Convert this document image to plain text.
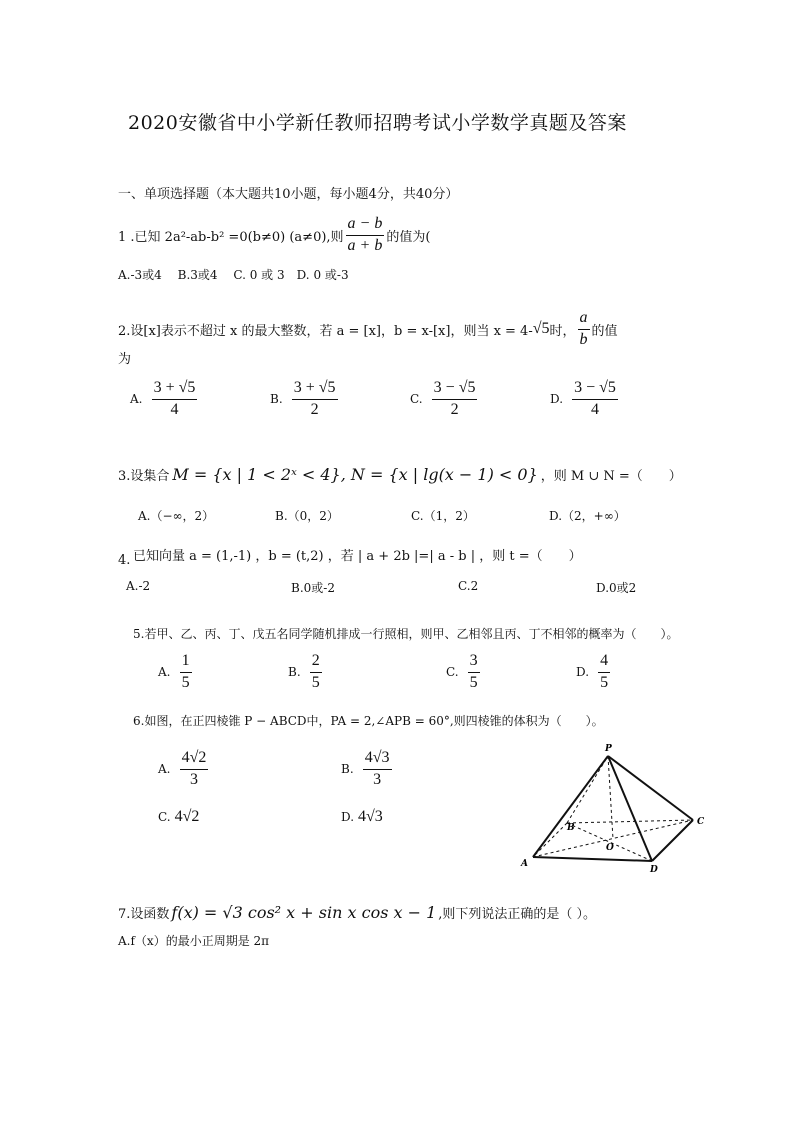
2020安徽省中小学新任教师招聘考试小学数学真题及答案
一、单项选择题（本大题共10小题，每小题4分，共40分）
1 .已知 2a²-ab-b² =0(b≠0) (a≠0),则 $\frac{a - b}{a + b}$ 的值为(
A.-3或4　 B.3或4　 C. 0 或 3　D. 0 或-3
2.设[x]表示不超过 x 的最大整数，若 a = [x]，b = x-[x]，则当 x = 4- √5 时， $\frac{a}{b}$ 的值
为
A. $\frac{3 + √5}{4}$	B. $\frac{3 + √5}{2}$	C. $\frac{3 - √5}{2}$	D. $\frac{3 - √5}{4}$
3.设集合 M = {x | 1 < 2ˣ < 4}, N = {x | lg(x − 1) < 0} ，则 M ∪ N =（　　）
A.（−∞，2）	B.（0，2）	C.（1，2）	D.（2，+∞）
4. 已知向量 a = (1,-1) ，b = (t,2) ，若 | a + 2b |=| a - b | ，则 t =（　　）
A.-2	B.0或-2	C.2	D.0或2
5.若甲、乙、丙、丁、戊五名同学随机排成一行照相，则甲、乙相邻且丙、丁不相邻的概率为（　　）。
A. $\frac{1}{5}$	B. $\frac{2}{5}$	C. $\frac{3}{5}$	D. $\frac{4}{5}$
6.如图，在正四棱锥 P − ABCD中，PA = 2,∠APB = 60°,则四棱锥的体积为（　　）。
A. $\frac{4√2}{3}$	B. $\frac{4√3}{3}$
C. 4√2	D. 4√3
P
A
B
C
D
O
7.设函数 f(x) = √3 cos² x + sin x cos x − 1 ,则下列说法正确的是（ ）。
A.f（x）的最小正周期是 2π
